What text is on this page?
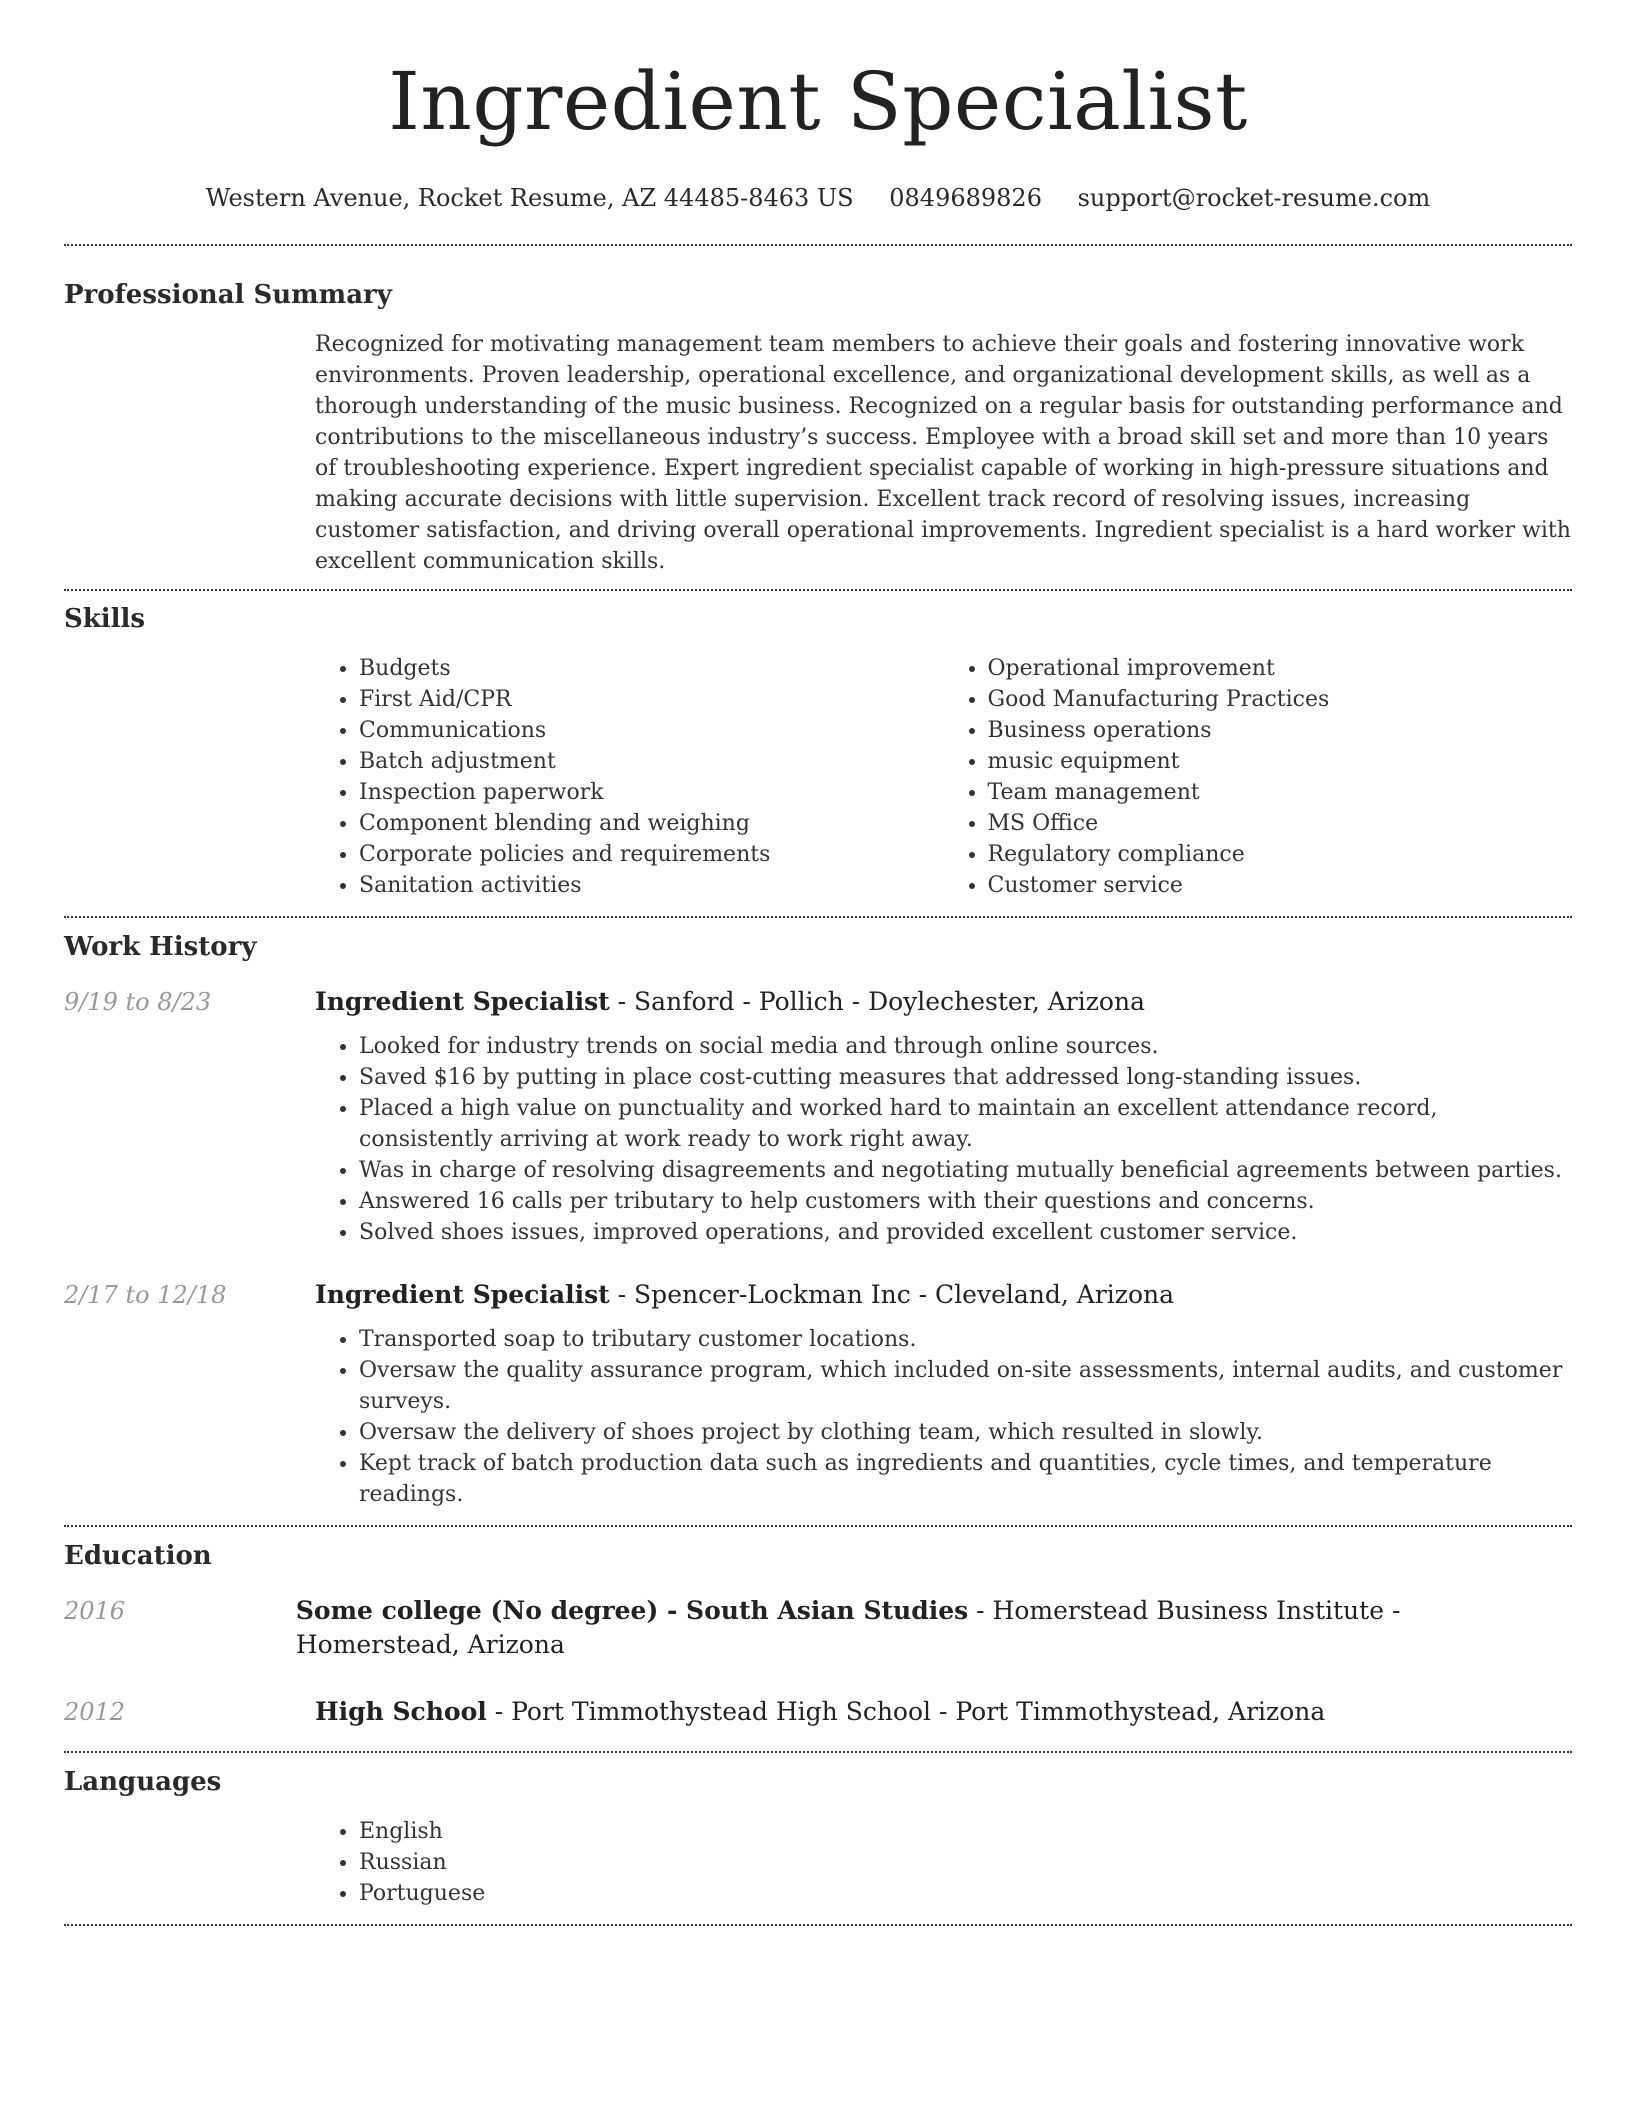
Ingredient Specialist
Western Avenue, Rocket Resume, AZ 44485-8463 US 0849689826 support@rocket-resume.com
Professional Summary

Recognized for motivating management team members to achieve their goals and fostering innovative work environments. Proven leadership, operational excellence, and organizational development skills, as well as a thorough understanding of the music business. Recognized on a regular basis for outstanding performance and contributions to the miscellaneous industry’s success. Employee with a broad skill set and more than 10 years of troubleshooting experience. Expert ingredient specialist capable of working in high-pressure situations and making accurate decisions with little supervision. Excellent track record of resolving issues, increasing customer satisfaction, and driving overall operational improvements. Ingredient specialist is a hard worker with excellent communication skills.

Skills
• Budgets
• First Aid/CPR
• Communications
• Batch adjustment
• Inspection paperwork
• Component blending and weighing
• Corporate policies and requirements
• Sanitation activities
• Operational improvement
• Good Manufacturing Practices
• Business operations
• music equipment
• Team management
• MS Office
• Regulatory compliance
• Customer service
Work History
9/19 to 8/23	Ingredient Specialist - Sanford - Pollich - Doylechester, Arizona
• Looked for industry trends on social media and through online sources.
• Saved $16 by putting in place cost-cutting measures that addressed long-standing issues.
• Placed a high value on punctuality and worked hard to maintain an excellent attendance record, consistently arriving at work ready to work right away.
• Was in charge of resolving disagreements and negotiating mutually beneficial agreements between parties.
• Answered 16 calls per tributary to help customers with their questions and concerns.
• Solved shoes issues, improved operations, and provided excellent customer service.
2/17 to 12/18	Ingredient Specialist - Spencer-Lockman Inc - Cleveland, Arizona
• Transported soap to tributary customer locations.
• Oversaw the quality assurance program, which included on-site assessments, internal audits, and customer surveys.
• Oversaw the delivery of shoes project by clothing team, which resulted in slowly.
• Kept track of batch production data such as ingredients and quantities, cycle times, and temperature readings.
Education
2016	Some college (No degree) - South Asian Studies - Homerstead Business Institute - Homerstead, Arizona
2012	High School - Port Timmothystead High School - Port Timmothystead, Arizona
Languages
• English
• Russian
• Portuguese
